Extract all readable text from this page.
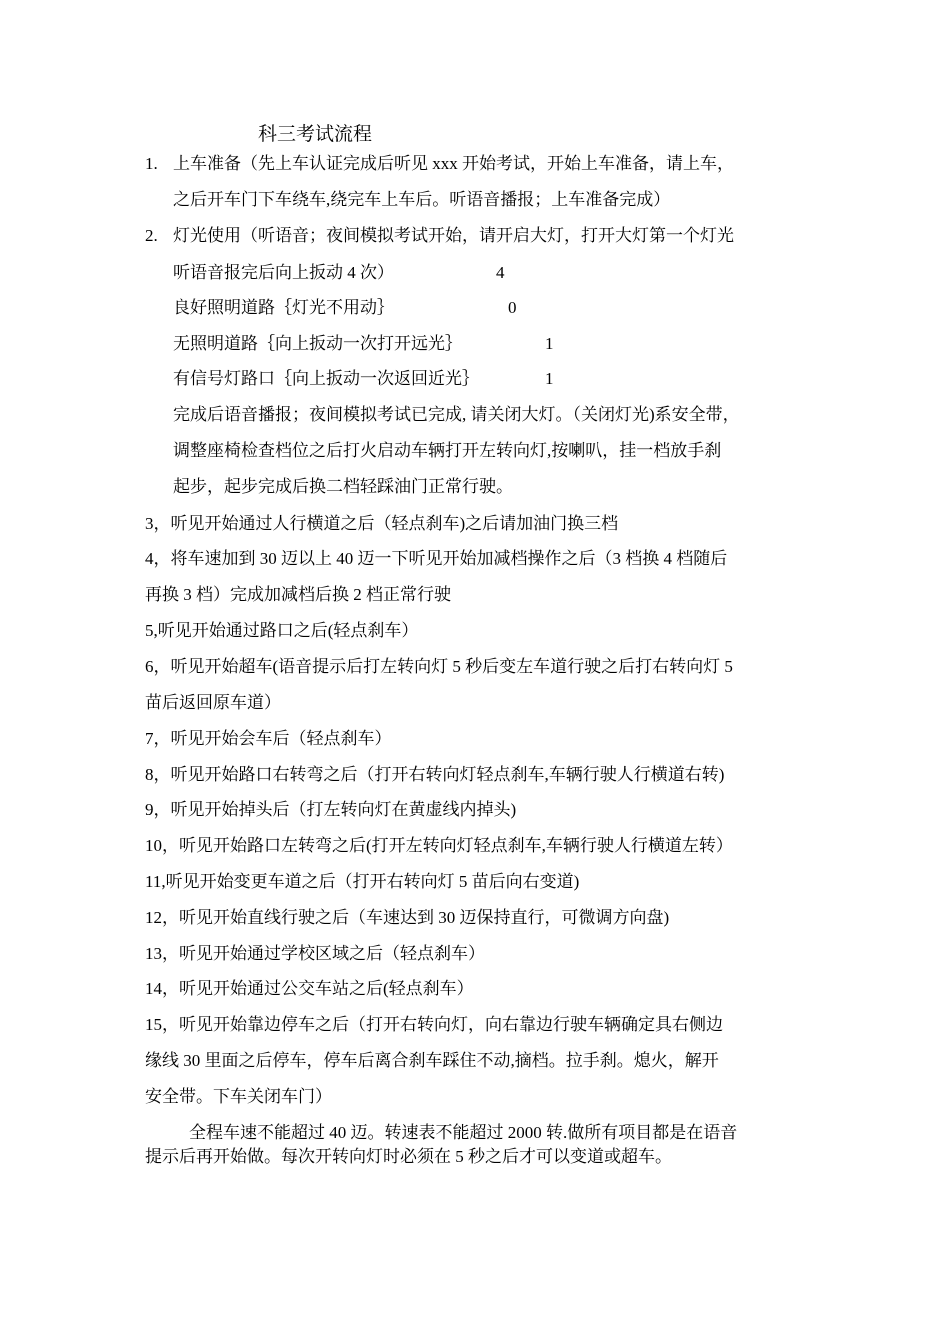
科三考试流程
1. 上车准备（先上车认证完成后听见 xxx 开始考试，开始上车准备，请上车，
之后开车门下车绕车,绕完车上车后。听语音播报；上车准备完成）
2. 灯光使用（听语音；夜间模拟考试开始，请开启大灯，打开大灯第一个灯光
听语音报完后向上扳动 4 次）	4
良好照明道路｛灯光不用动｝	0
无照明道路｛向上扳动一次打开远光｝	1
有信号灯路口｛向上扳动一次返回近光｝	1
完成后语音播报；夜间模拟考试已完成, 请关闭大灯。（关闭灯光)系安全带，
调整座椅检查档位之后打火启动车辆打开左转向灯,按喇叭，挂一档放手刹
起步，起步完成后换二档轻踩油门正常行驶。
3，听见开始通过人行横道之后（轻点刹车)之后请加油门换三档
4，将车速加到 30 迈以上 40 迈一下听见开始加减档操作之后（3 档换 4 档随后
再换 3 档）完成加减档后换 2 档正常行驶
5,听见开始通过路口之后(轻点刹车）
6，听见开始超车(语音提示后打左转向灯 5 秒后变左车道行驶之后打右转向灯 5
苗后返回原车道）
7，听见开始会车后（轻点刹车）
8，听见开始路口右转弯之后（打开右转向灯轻点刹车,车辆行驶人行横道右转)
9，听见开始掉头后（打左转向灯在黄虚线内掉头)
10，听见开始路口左转弯之后(打开左转向灯轻点刹车,车辆行驶人行横道左转）
11,听见开始变更车道之后（打开右转向灯 5 苗后向右变道)
12，听见开始直线行驶之后（车速达到 30 迈保持直行，可微调方向盘)
13，听见开始通过学校区域之后（轻点刹车）
14，听见开始通过公交车站之后(轻点刹车）
15，听见开始靠边停车之后（打开右转向灯，向右靠边行驶车辆确定具右侧边
缘线 30 里面之后停车，停车后离合刹车踩住不动,摘档。拉手刹。熄火，解开
安全带。下车关闭车门）
全程车速不能超过 40 迈。转速表不能超过 2000 转.做所有项目都是在语音
提示后再开始做。每次开转向灯时必须在 5 秒之后才可以变道或超车。
